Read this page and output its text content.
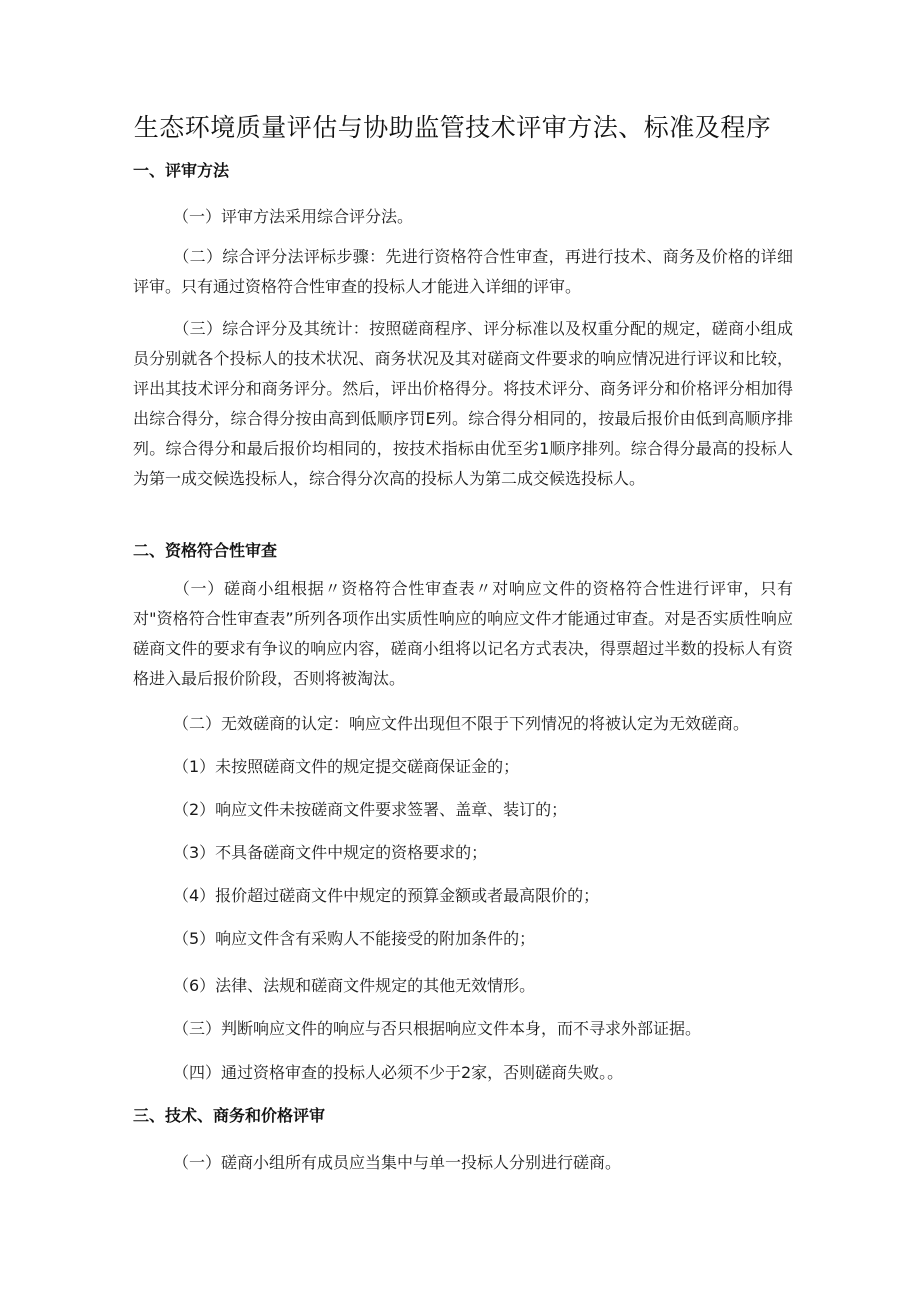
生态环境质量评估与协助监管技术评审方法、标准及程序
一、评审方法
（一）评审方法采用综合评分法。
（二）综合评分法评标步骤：先进行资格符合性审查，再进行技术、商务及价格的详细评审。只有通过资格符合性审查的投标人才能进入详细的评审。
（三）综合评分及其统计：按照磋商程序、评分标准以及权重分配的规定，磋商小组成员分别就各个投标人的技术状况、商务状况及其对磋商文件要求的响应情况进行评议和比较，评出其技术评分和商务评分。然后，评出价格得分。将技术评分、商务评分和价格评分相加得出综合得分，综合得分按由高到低顺序罚E列。综合得分相同的，按最后报价由低到高顺序排列。综合得分和最后报价均相同的，按技术指标由优至劣1顺序排列。综合得分最高的投标人为第一成交候选投标人，综合得分次高的投标人为第二成交候选投标人。
二、资格符合性审查
（一）磋商小组根据〃资格符合性审查表〃对响应文件的资格符合性进行评审，只有对"资格符合性审查表”所列各项作出实质性响应的响应文件才能通过审查。对是否实质性响应磋商文件的要求有争议的响应内容，磋商小组将以记名方式表决，得票超过半数的投标人有资格进入最后报价阶段，否则将被淘汰。
（二）无效磋商的认定：响应文件出现但不限于下列情况的将被认定为无效磋商。
（1）未按照磋商文件的规定提交磋商保证金的；
（2）响应文件未按磋商文件要求签署、盖章、装订的；
（3）不具备磋商文件中规定的资格要求的；
（4）报价超过磋商文件中规定的预算金额或者最高限价的；
（5）响应文件含有采购人不能接受的附加条件的；
（6）法律、法规和磋商文件规定的其他无效情形。
（三）判断响应文件的响应与否只根据响应文件本身，而不寻求外部证据。
（四）通过资格审查的投标人必须不少于2家，否则磋商失败。。
三、技术、商务和价格评审
（一）磋商小组所有成员应当集中与单一投标人分别进行磋商。
